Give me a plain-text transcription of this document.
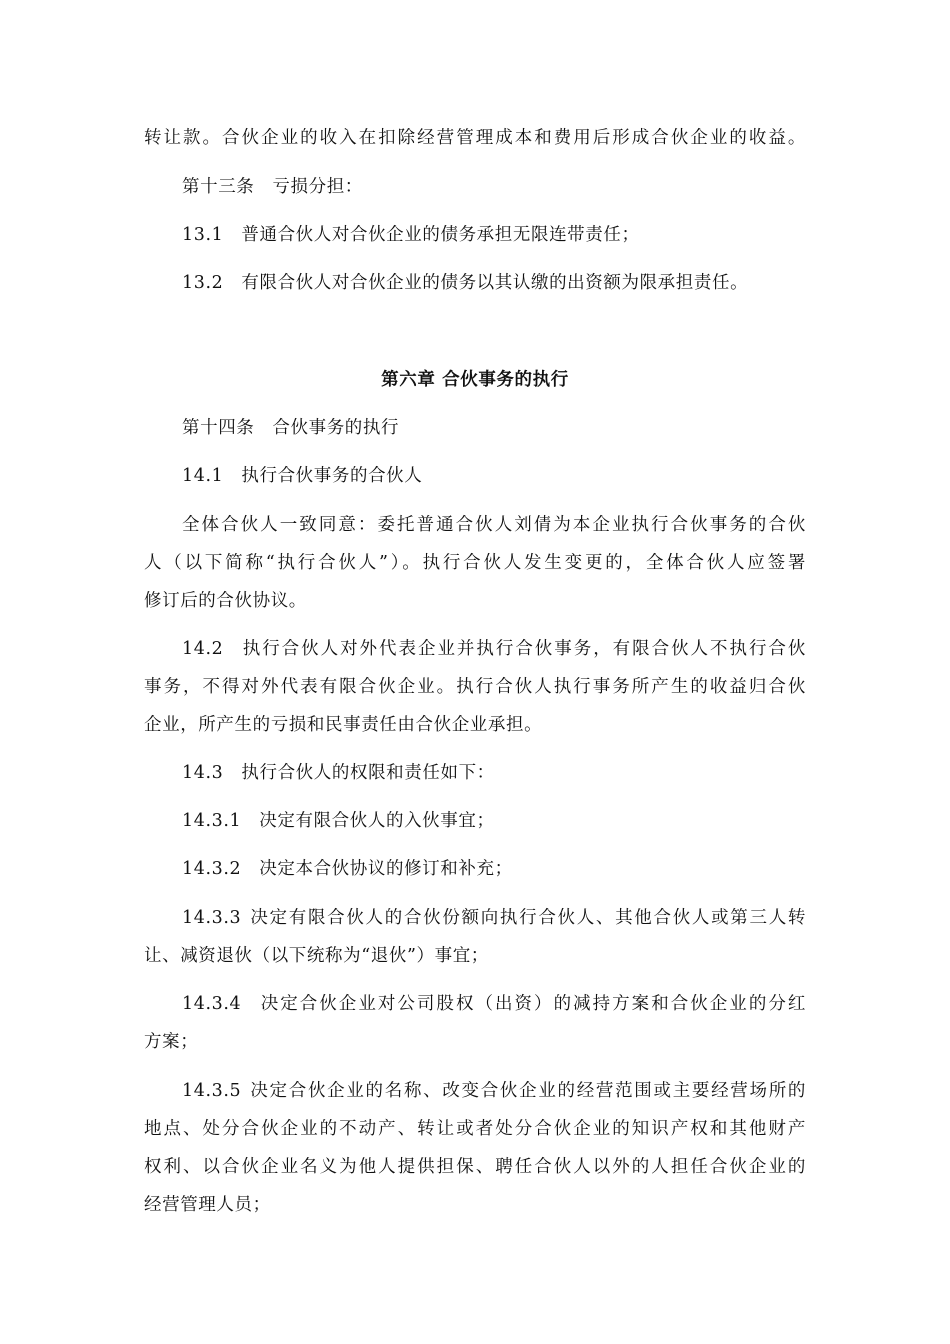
转让款。合伙企业的收入在扣除经营管理成本和费用后形成合伙企业的收益。
第十三条 亏损分担：
13.1 普通合伙人对合伙企业的债务承担无限连带责任；
13.2 有限合伙人对合伙企业的债务以其认缴的出资额为限承担责任。
第六章 合伙事务的执行
第十四条 合伙事务的执行
14.1 执行合伙事务的合伙人
全体合伙人一致同意：委托普通合伙人刘倩为本企业执行合伙事务的合伙
人（以下简称“执行合伙人”）。执行合伙人发生变更的，全体合伙人应签署
修订后的合伙协议。
14.2 执行合伙人对外代表企业并执行合伙事务，有限合伙人不执行合伙
事务，不得对外代表有限合伙企业。执行合伙人执行事务所产生的收益归合伙
企业，所产生的亏损和民事责任由合伙企业承担。
14.3 执行合伙人的权限和责任如下：
14.3.1 决定有限合伙人的入伙事宜；
14.3.2 决定本合伙协议的修订和补充；
14.3.3 决定有限合伙人的合伙份额向执行合伙人、其他合伙人或第三人转
让、减资退伙（以下统称为“退伙”）事宜；
14.3.4 决定合伙企业对公司股权（出资）的减持方案和合伙企业的分红
方案；
14.3.5 决定合伙企业的名称、改变合伙企业的经营范围或主要经营场所的
地点、处分合伙企业的不动产、转让或者处分合伙企业的知识产权和其他财产
权利、以合伙企业名义为他人提供担保、聘任合伙人以外的人担任合伙企业的
经营管理人员；
